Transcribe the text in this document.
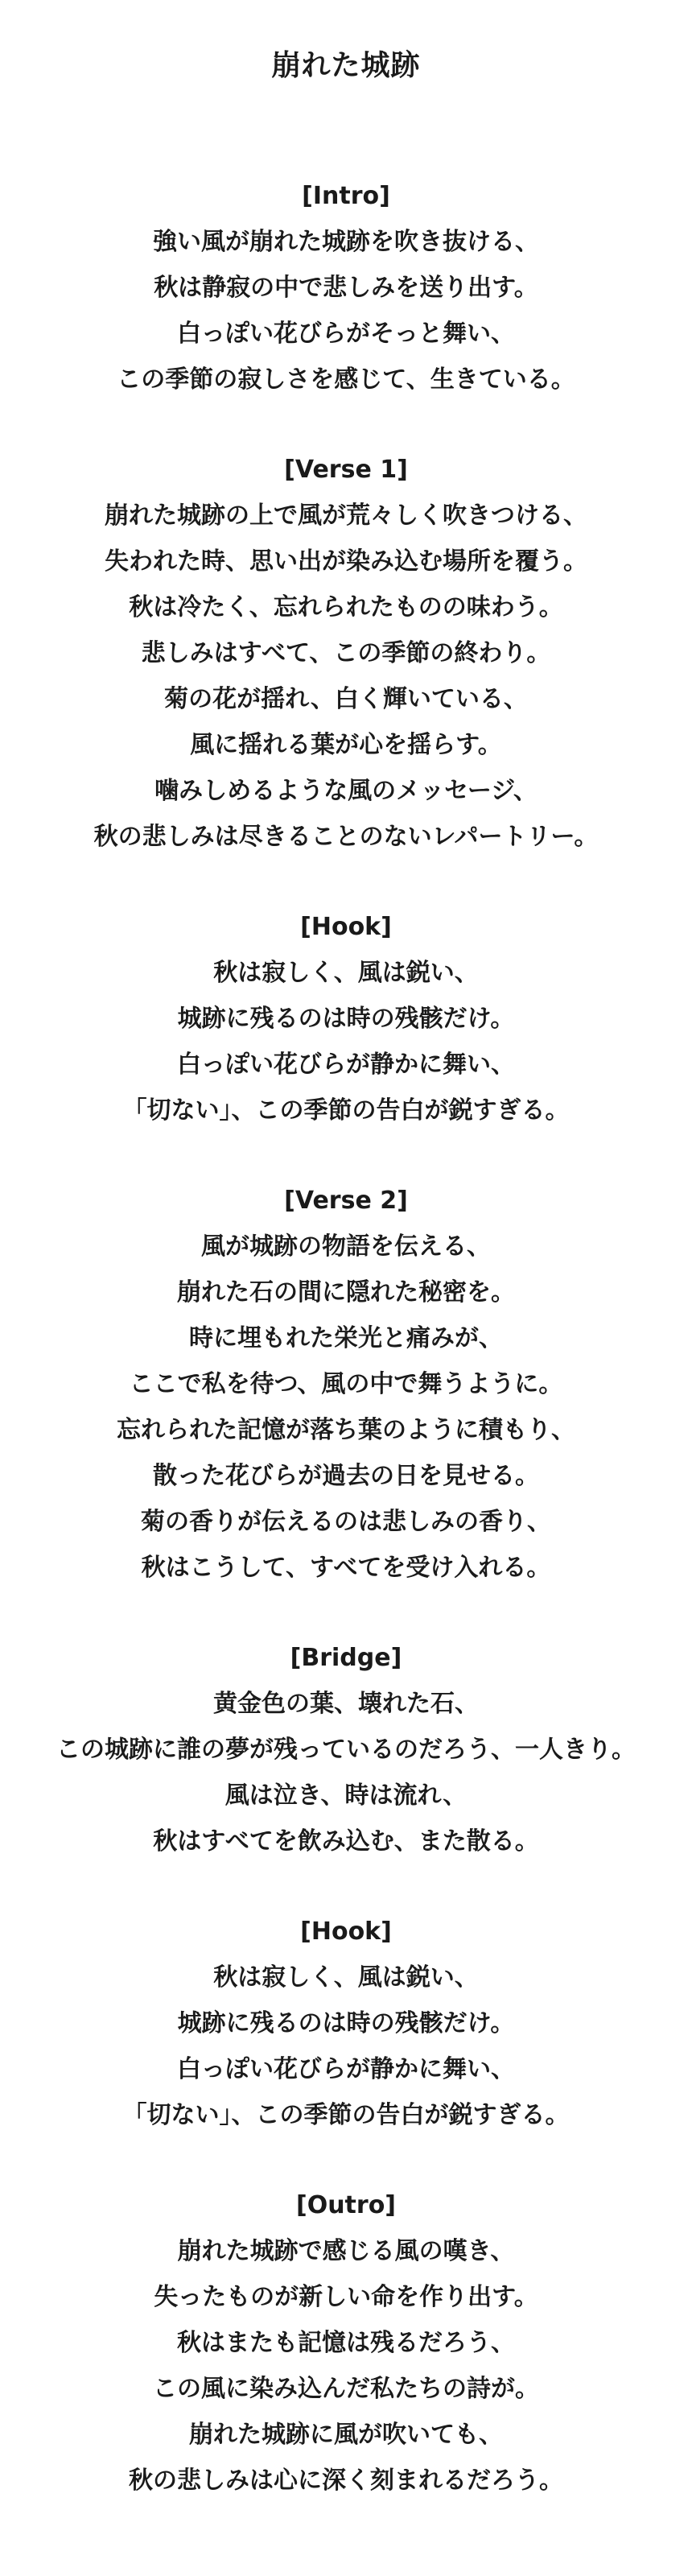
崩れた城跡
[Intro]
強い風が崩れた城跡を吹き抜ける、
秋は静寂の中で悲しみを送り出す。
白っぽい花びらがそっと舞い、
この季節の寂しさを感じて、生きている。
[Verse 1]
崩れた城跡の上で風が荒々しく吹きつける、
失われた時、思い出が染み込む場所を覆う。
秋は冷たく、忘れられたものの味わう。
悲しみはすべて、この季節の終わり。
菊の花が揺れ、白く輝いている、
風に揺れる葉が心を揺らす。
噛みしめるような風のメッセージ、
秋の悲しみは尽きることのないレパートリー。
[Hook]
秋は寂しく、風は鋭い、
城跡に残るのは時の残骸だけ。
白っぽい花びらが静かに舞い、
「切ない」、この季節の告白が鋭すぎる。
[Verse 2]
風が城跡の物語を伝える、
崩れた石の間に隠れた秘密を。
時に埋もれた栄光と痛みが、
ここで私を待つ、風の中で舞うように。
忘れられた記憶が落ち葉のように積もり、
散った花びらが過去の日を見せる。
菊の香りが伝えるのは悲しみの香り、
秋はこうして、すべてを受け入れる。
[Bridge]
黄金色の葉、壊れた石、
この城跡に誰の夢が残っているのだろう、一人きり。
風は泣き、時は流れ、
秋はすべてを飲み込む、また散る。
[Hook]
秋は寂しく、風は鋭い、
城跡に残るのは時の残骸だけ。
白っぽい花びらが静かに舞い、
「切ない」、この季節の告白が鋭すぎる。
[Outro]
崩れた城跡で感じる風の嘆き、
失ったものが新しい命を作り出す。
秋はまたも記憶は残るだろう、
この風に染み込んだ私たちの詩が。
崩れた城跡に風が吹いても、
秋の悲しみは心に深く刻まれるだろう。
